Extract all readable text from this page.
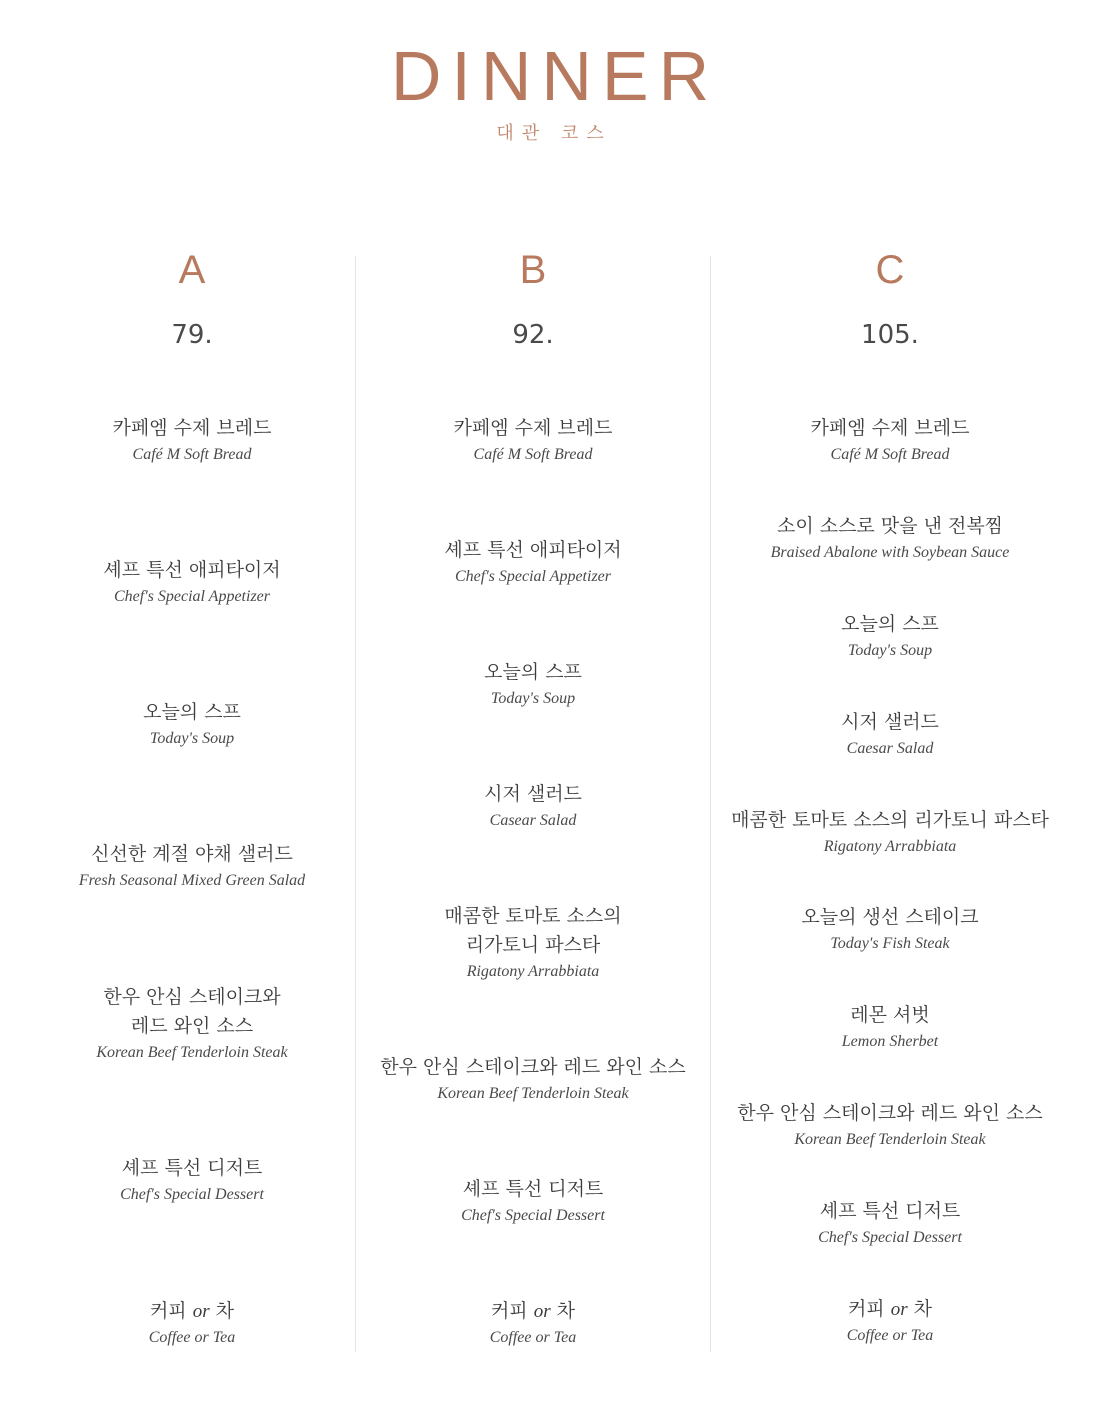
DINNER
대관 코스
A
79.
카페엠 수제 브레드
Café M Soft Bread
셰프 특선 애피타이저
Chef's Special Appetizer
오늘의 스프
Today's Soup
신선한 계절 야채 샐러드
Fresh Seasonal Mixed Green Salad
한우 안심 스테이크와
레드 와인 소스
Korean Beef Tenderloin Steak
셰프 특선 디저트
Chef's Special Dessert
커피 or 차
Coffee or Tea
B
92.
카페엠 수제 브레드
Café M Soft Bread
셰프 특선 애피타이저
Chef's Special Appetizer
오늘의 스프
Today's Soup
시저 샐러드
Casear Salad
매콤한 토마토 소스의
리가토니 파스타
Rigatony Arrabbiata
한우 안심 스테이크와 레드 와인 소스
Korean Beef Tenderloin Steak
셰프 특선 디저트
Chef's Special Dessert
커피 or 차
Coffee or Tea
C
105.
카페엠 수제 브레드
Café M Soft Bread
소이 소스로 맛을 낸 전복찜
Braised Abalone with Soybean Sauce
오늘의 스프
Today's Soup
시저 샐러드
Caesar Salad
매콤한 토마토 소스의 리가토니 파스타
Rigatony Arrabbiata
오늘의 생선 스테이크
Today's Fish Steak
레몬 셔벗
Lemon Sherbet
한우 안심 스테이크와 레드 와인 소스
Korean Beef Tenderloin Steak
셰프 특선 디저트
Chef's Special Dessert
커피 or 차
Coffee or Tea
